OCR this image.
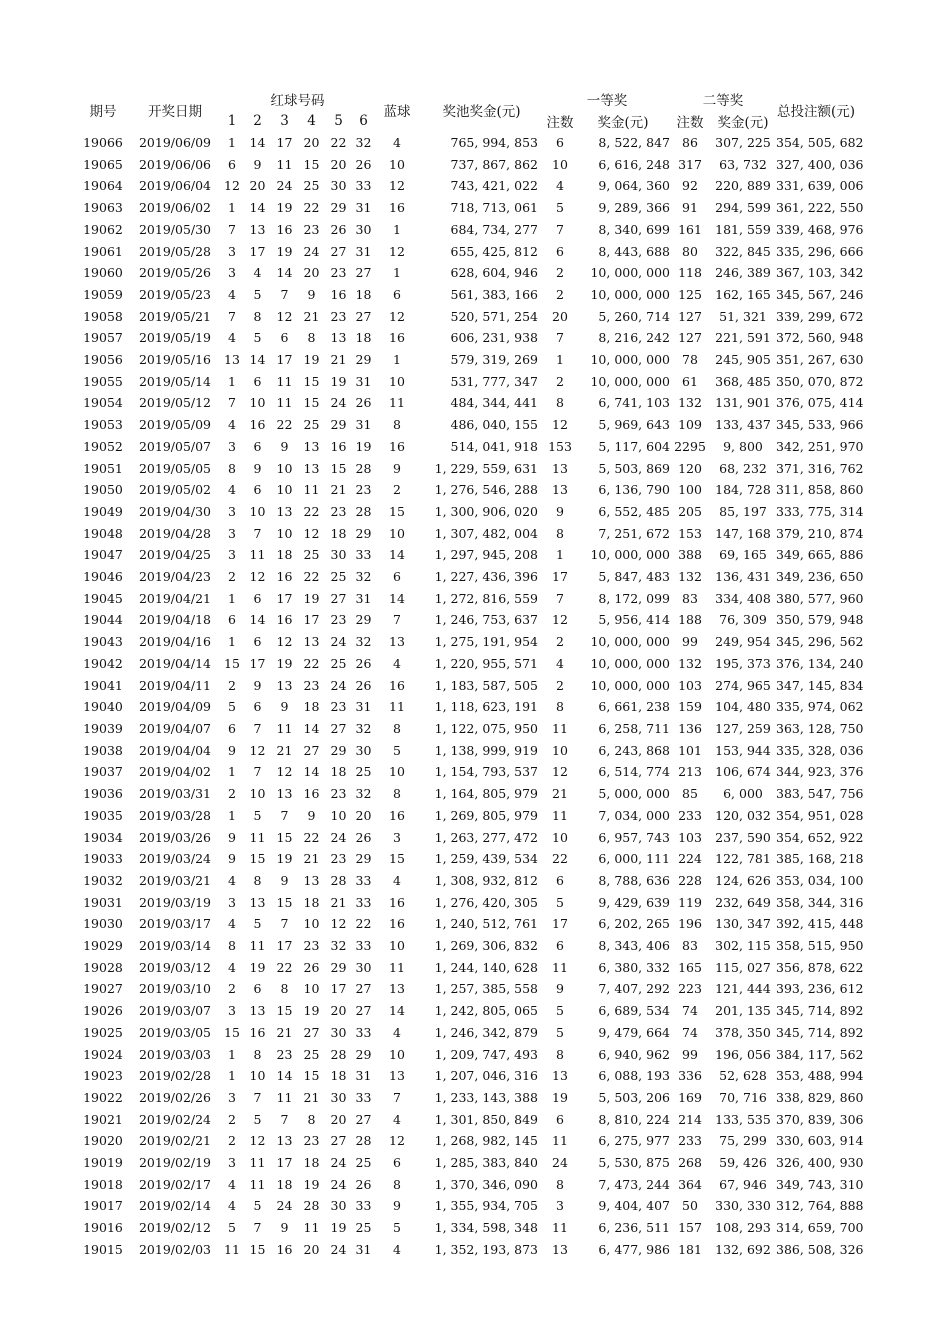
期号	开奖日期	红球号码						蓝球	奖池奖金(元)	一等奖		二等奖		总投注额(元)
		1	2	3	4	5	6			注数	奖金(元)	注数	奖金(元)	
19066	2019/06/09	1	14	17	20	22	32	4	765, 994, 853	6	8, 522, 847	86	307, 225	354, 505, 682
19065	2019/06/06	6	9	11	15	20	26	10	737, 867, 862	10	6, 616, 248	317	63, 732	327, 400, 036
19064	2019/06/04	12	20	24	25	30	33	12	743, 421, 022	4	9, 064, 360	92	220, 889	331, 639, 006
19063	2019/06/02	1	14	19	22	29	31	16	718, 713, 061	5	9, 289, 366	91	294, 599	361, 222, 550
19062	2019/05/30	7	13	16	23	26	30	1	684, 734, 277	7	8, 340, 699	161	181, 559	339, 468, 976
19061	2019/05/28	3	17	19	24	27	31	12	655, 425, 812	6	8, 443, 688	80	322, 845	335, 296, 666
19060	2019/05/26	3	4	14	20	23	27	1	628, 604, 946	2	10, 000, 000	118	246, 389	367, 103, 342
19059	2019/05/23	4	5	7	9	16	18	6	561, 383, 166	2	10, 000, 000	125	162, 165	345, 567, 246
19058	2019/05/21	7	8	12	21	23	27	12	520, 571, 254	20	5, 260, 714	127	51, 321	339, 299, 672
19057	2019/05/19	4	5	6	8	13	18	16	606, 231, 938	7	8, 216, 242	127	221, 591	372, 560, 948
19056	2019/05/16	13	14	17	19	21	29	1	579, 319, 269	1	10, 000, 000	78	245, 905	351, 267, 630
19055	2019/05/14	1	6	11	15	19	31	10	531, 777, 347	2	10, 000, 000	61	368, 485	350, 070, 872
19054	2019/05/12	7	10	11	15	24	26	11	484, 344, 441	8	6, 741, 103	132	131, 901	376, 075, 414
19053	2019/05/09	4	16	22	25	29	31	8	486, 040, 155	12	5, 969, 643	109	133, 437	345, 533, 966
19052	2019/05/07	3	6	9	13	16	19	16	514, 041, 918	153	5, 117, 604	2295	9, 800	342, 251, 970
19051	2019/05/05	8	9	10	13	15	28	9	1, 229, 559, 631	13	5, 503, 869	120	68, 232	371, 316, 762
19050	2019/05/02	4	6	10	11	21	23	2	1, 276, 546, 288	13	6, 136, 790	100	184, 728	311, 858, 860
19049	2019/04/30	3	10	13	22	23	28	15	1, 300, 906, 020	9	6, 552, 485	205	85, 197	333, 775, 314
19048	2019/04/28	3	7	10	12	18	29	10	1, 307, 482, 004	8	7, 251, 672	153	147, 168	379, 210, 874
19047	2019/04/25	3	11	18	25	30	33	14	1, 297, 945, 208	1	10, 000, 000	388	69, 165	349, 665, 886
19046	2019/04/23	2	12	16	22	25	32	6	1, 227, 436, 396	17	5, 847, 483	132	136, 431	349, 236, 650
19045	2019/04/21	1	6	17	19	27	31	14	1, 272, 816, 559	7	8, 172, 099	83	334, 408	380, 577, 960
19044	2019/04/18	6	14	16	17	23	29	7	1, 246, 753, 637	12	5, 956, 414	188	76, 309	350, 579, 948
19043	2019/04/16	1	6	12	13	24	32	13	1, 275, 191, 954	2	10, 000, 000	99	249, 954	345, 296, 562
19042	2019/04/14	15	17	19	22	25	26	4	1, 220, 955, 571	4	10, 000, 000	132	195, 373	376, 134, 240
19041	2019/04/11	2	9	13	23	24	26	16	1, 183, 587, 505	2	10, 000, 000	103	274, 965	347, 145, 834
19040	2019/04/09	5	6	9	18	23	31	11	1, 118, 623, 191	8	6, 661, 238	159	104, 480	335, 974, 062
19039	2019/04/07	6	7	11	14	27	32	8	1, 122, 075, 950	11	6, 258, 711	136	127, 259	363, 128, 750
19038	2019/04/04	9	12	21	27	29	30	5	1, 138, 999, 919	10	6, 243, 868	101	153, 944	335, 328, 036
19037	2019/04/02	1	7	12	14	18	25	10	1, 154, 793, 537	12	6, 514, 774	213	106, 674	344, 923, 376
19036	2019/03/31	2	10	13	16	23	32	8	1, 164, 805, 979	21	5, 000, 000	85	6, 000	383, 547, 756
19035	2019/03/28	1	5	7	9	10	20	16	1, 269, 805, 979	11	7, 034, 000	233	120, 032	354, 951, 028
19034	2019/03/26	9	11	15	22	24	26	3	1, 263, 277, 472	10	6, 957, 743	103	237, 590	354, 652, 922
19033	2019/03/24	9	15	19	21	23	29	15	1, 259, 439, 534	22	6, 000, 111	224	122, 781	385, 168, 218
19032	2019/03/21	4	8	9	13	28	33	4	1, 308, 932, 812	6	8, 788, 636	228	124, 626	353, 034, 100
19031	2019/03/19	3	13	15	18	21	33	16	1, 276, 420, 305	5	9, 429, 639	119	232, 649	358, 344, 316
19030	2019/03/17	4	5	7	10	12	22	16	1, 240, 512, 761	17	6, 202, 265	196	130, 347	392, 415, 448
19029	2019/03/14	8	11	17	23	32	33	10	1, 269, 306, 832	6	8, 343, 406	83	302, 115	358, 515, 950
19028	2019/03/12	4	19	22	26	29	30	11	1, 244, 140, 628	11	6, 380, 332	165	115, 027	356, 878, 622
19027	2019/03/10	2	6	8	10	17	27	13	1, 257, 385, 558	9	7, 407, 292	223	121, 444	393, 236, 612
19026	2019/03/07	3	13	15	19	20	27	14	1, 242, 805, 065	5	6, 689, 534	74	201, 135	345, 714, 892
19025	2019/03/05	15	16	21	27	30	33	4	1, 246, 342, 879	5	9, 479, 664	74	378, 350	345, 714, 892
19024	2019/03/03	1	8	23	25	28	29	10	1, 209, 747, 493	8	6, 940, 962	99	196, 056	384, 117, 562
19023	2019/02/28	1	10	14	15	18	31	13	1, 207, 046, 316	13	6, 088, 193	336	52, 628	353, 488, 994
19022	2019/02/26	3	7	11	21	30	33	7	1, 233, 143, 388	19	5, 503, 206	169	70, 716	338, 829, 860
19021	2019/02/24	2	5	7	8	20	27	4	1, 301, 850, 849	6	8, 810, 224	214	133, 535	370, 839, 306
19020	2019/02/21	2	12	13	23	27	28	12	1, 268, 982, 145	11	6, 275, 977	233	75, 299	330, 603, 914
19019	2019/02/19	3	11	17	18	24	25	6	1, 285, 383, 840	24	5, 530, 875	268	59, 426	326, 400, 930
19018	2019/02/17	4	11	18	19	24	26	8	1, 370, 346, 090	8	7, 473, 244	364	67, 946	349, 743, 310
19017	2019/02/14	4	5	24	28	30	33	9	1, 355, 934, 705	3	9, 404, 407	50	330, 330	312, 764, 888
19016	2019/02/12	5	7	9	11	19	25	5	1, 334, 598, 348	11	6, 236, 511	157	108, 293	314, 659, 700
19015	2019/02/03	11	15	16	20	24	31	4	1, 352, 193, 873	13	6, 477, 986	181	132, 692	386, 508, 326
